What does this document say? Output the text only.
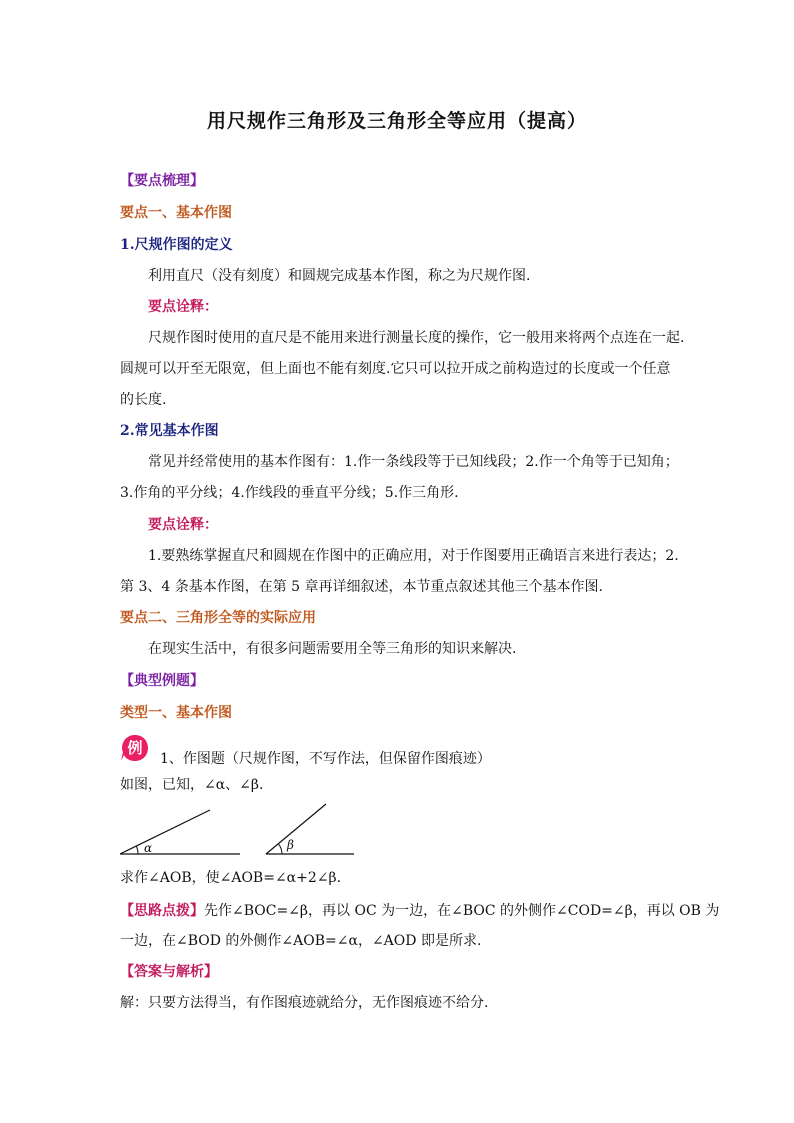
用尺规作三角形及三角形全等应用（提高）
【要点梳理】
要点一、基本作图
1.尺规作图的定义
利用直尺（没有刻度）和圆规完成基本作图，称之为尺规作图.
要点诠释：
尺规作图时使用的直尺是不能用来进行测量长度的操作，它一般用来将两个点连在一起.
圆规可以开至无限宽，但上面也不能有刻度.它只可以拉开成之前构造过的长度或一个任意
的长度.
2.常见基本作图
常见并经常使用的基本作图有：1.作一条线段等于已知线段；2.作一个角等于已知角；
3.作角的平分线；4.作线段的垂直平分线；5.作三角形.
要点诠释：
1.要熟练掌握直尺和圆规在作图中的正确应用，对于作图要用正确语言来进行表达；2.
第 3、4 条基本作图，在第 5 章再详细叙述，本节重点叙述其他三个基本作图.
要点二、三角形全等的实际应用
在现实生活中，有很多问题需要用全等三角形的知识来解决.
【典型例题】
类型一、基本作图
例
1、作图题（尺规作图，不写作法，但保留作图痕迹）
如图，已知，∠α、∠β.
α	β
求作∠AOB，使∠AOB=∠α+2∠β.
【思路点拨】先作∠BOC=∠β，再以 OC 为一边，在∠BOC 的外侧作∠COD=∠β，再以 OB 为
一边，在∠BOD 的外侧作∠AOB=∠α，∠AOD 即是所求.
【答案与解析】
解：只要方法得当，有作图痕迹就给分，无作图痕迹不给分.
